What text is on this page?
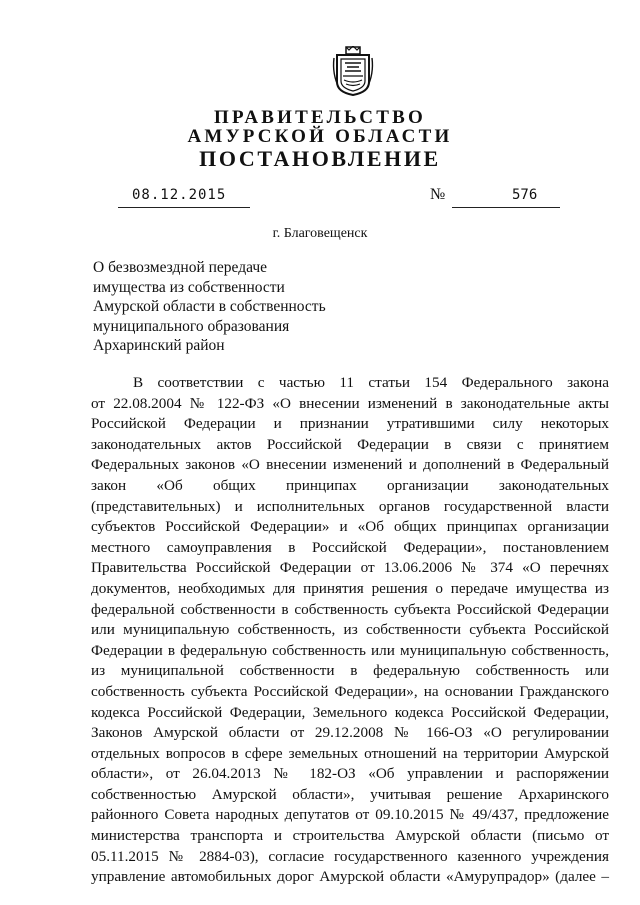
ПРАВИТЕЛЬСТВО

АМУРСКОЙ ОБЛАСТИ

ПОСТАНОВЛЕНИЕ

08.12.2015	№	576

г. Благовещенск

О безвозмездной передаче
имущества из собственности
Амурской области в собственность
муниципального образования
Архаринский район
В соответствии с частью 11 статьи 154 Федерального закона
от 22.08.2004 № 122-ФЗ «О внесении изменений в законодательные акты
Российской Федерации и признании утратившими силу некоторых
законодательных актов Российской Федерации в связи с принятием
Федеральных законов «О внесении изменений и дополнений в Федеральный
закон «Об общих принципах организации законодательных
(представительных) и исполнительных органов государственной власти
субъектов Российской Федерации» и «Об общих принципах организации
местного самоуправления в Российской Федерации», постановлением
Правительства Российской Федерации от 13.06.2006 № 374 «О перечнях
документов, необходимых для принятия решения о передаче имущества из
федеральной собственности в собственность субъекта Российской Федерации
или муниципальную собственность, из собственности субъекта Российской
Федерации в федеральную собственность или муниципальную собственность,
из муниципальной собственности в федеральную собственность или
собственность субъекта Российской Федерации», на основании Гражданского
кодекса Российской Федерации, Земельного кодекса Российской Федерации,
Законов Амурской области от 29.12.2008 № 166-ОЗ «О регулировании
отдельных вопросов в сфере земельных отношений на территории Амурской
области», от 26.04.2013 № 182-ОЗ «Об управлении и распоряжении
собственностью Амурской области», учитывая решение Архаринского
районного Совета народных депутатов от 09.10.2015 № 49/437, предложение
министерства транспорта и строительства Амурской области (письмо от
05.11.2015 № 2884-03), согласие государственного казенного учреждения
управление автомобильных дорог Амурской области «Амурупрадор» (далее –
